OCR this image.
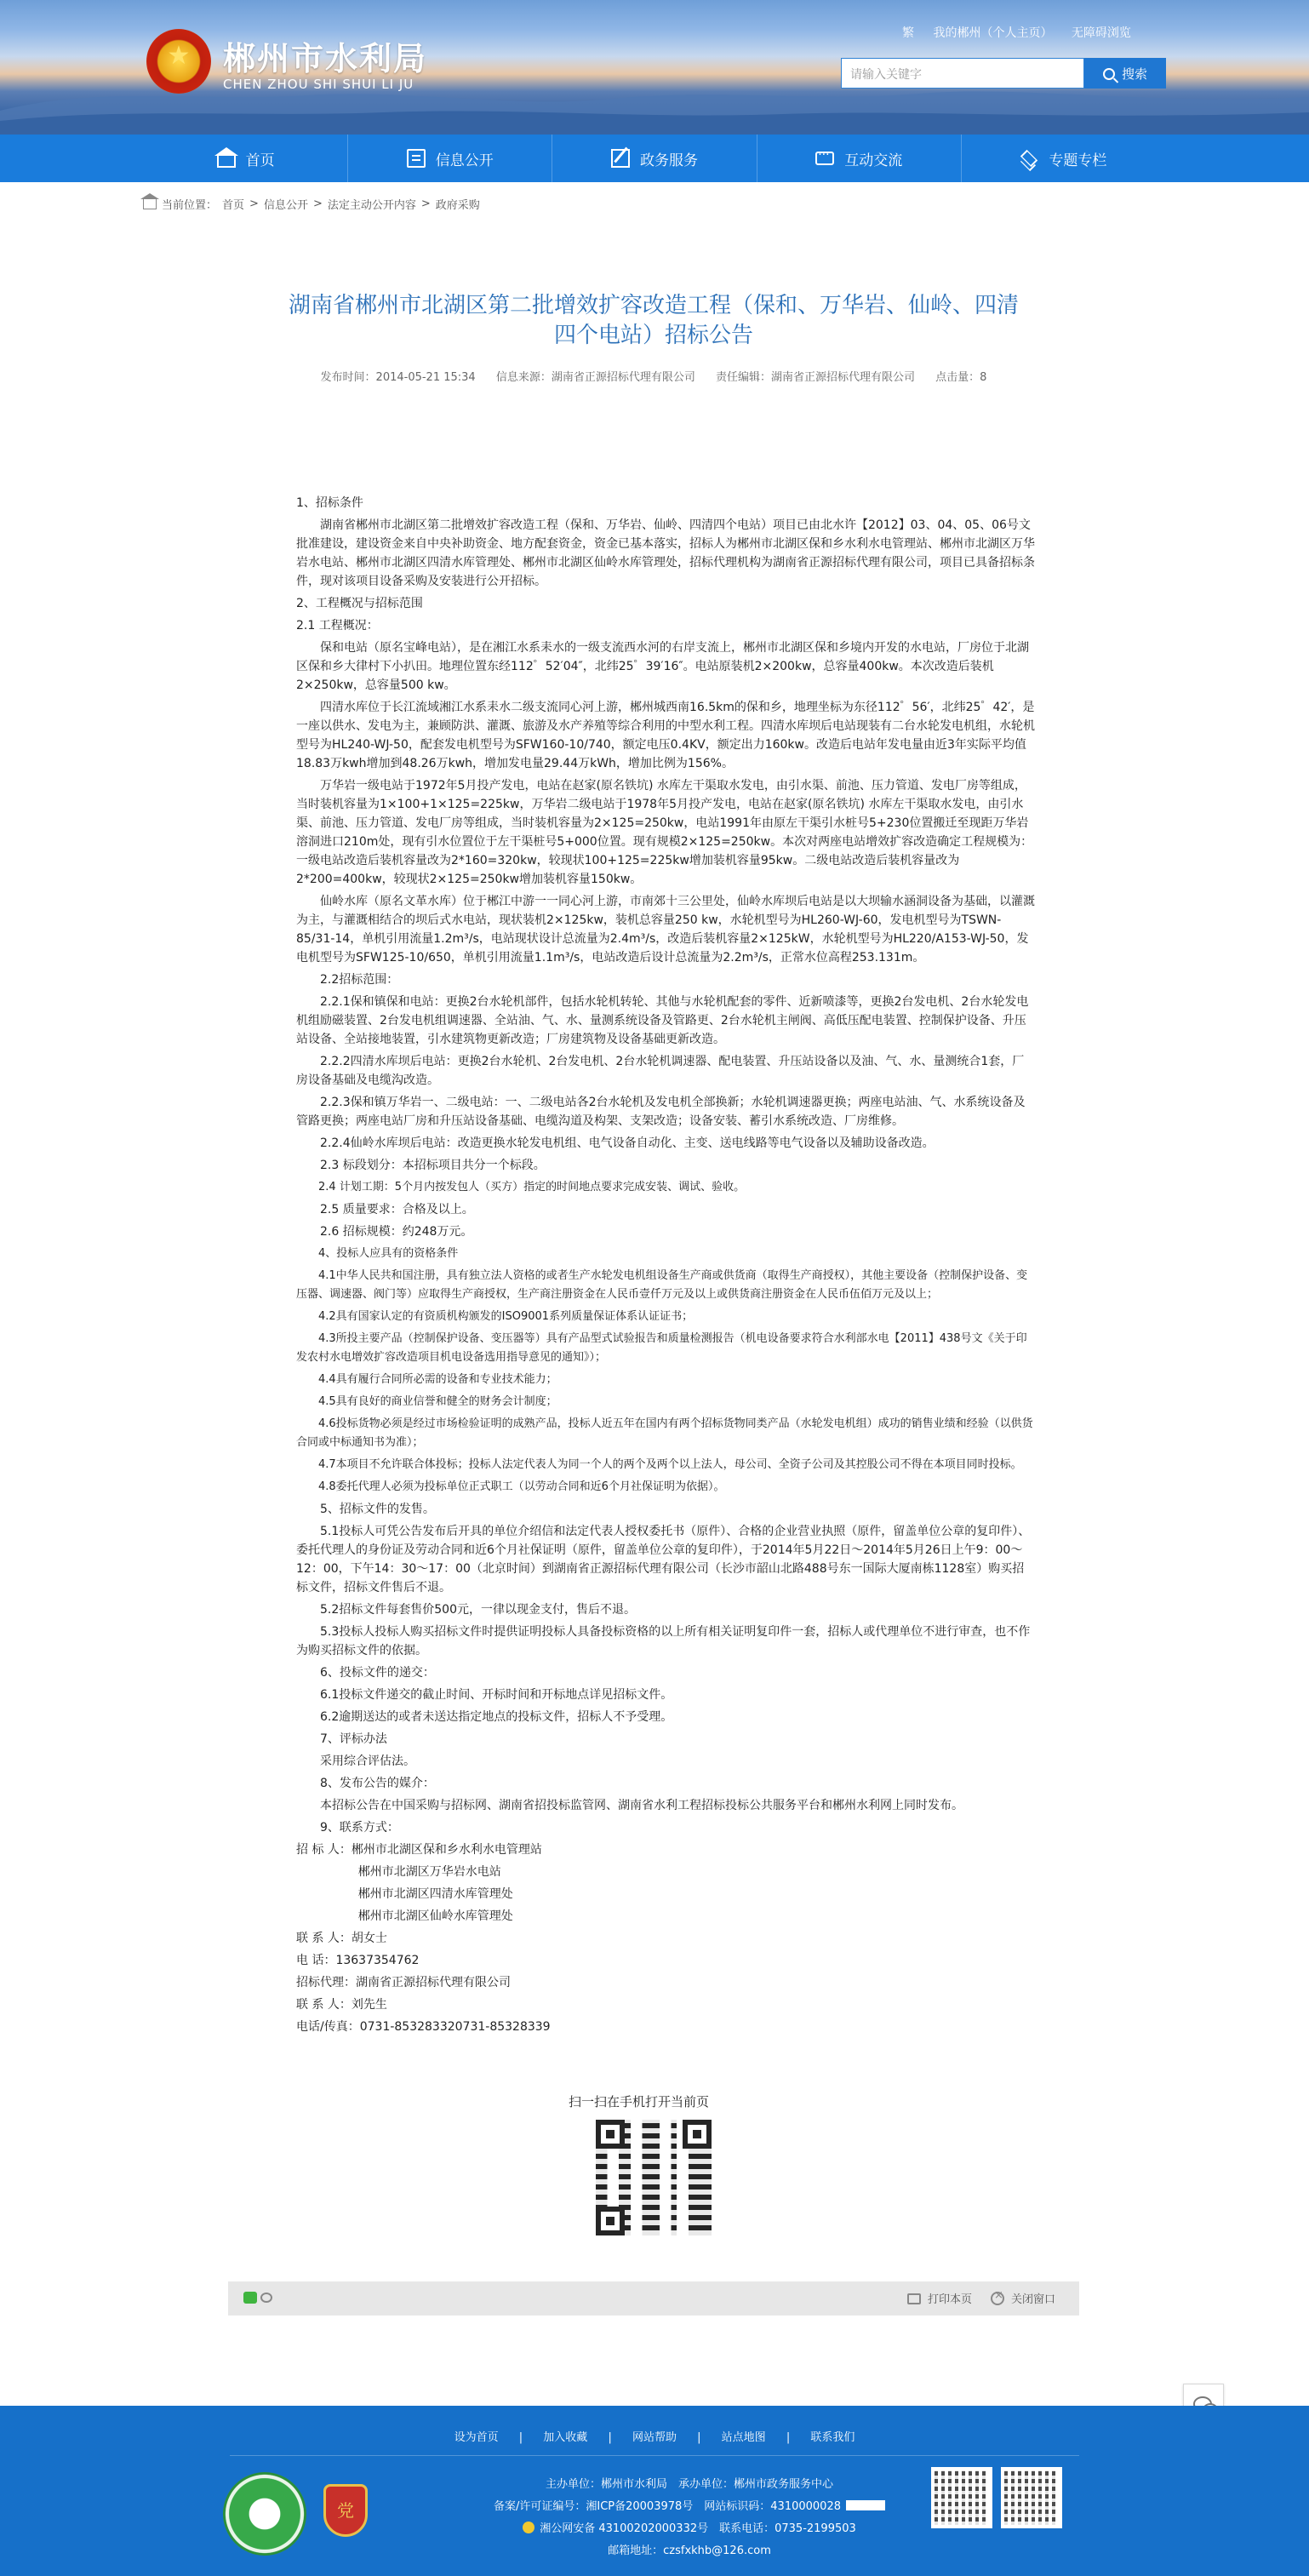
★
郴州市水利局
CHEN ZHOU SHI SHUI LI JU
繁 我的郴州（个人主页） 无障碍浏览
请输入关键字	搜索
首页	信息公开	政务服务 ···	互动交流	专题专栏
当前位置： 首页 > 信息公开 > 法定主动公开内容 > 政府采购
湖南省郴州市北湖区第二批增效扩容改造工程（保和、万华岩、仙岭、四清
四个电站）招标公告
发布时间：2014-05-21 15:34 信息来源：湖南省正源招标代理有限公司 责任编辑：湖南省正源招标代理有限公司 点击量：8

1、招标条件

湖南省郴州市北湖区第二批增效扩容改造工程（保和、万华岩、仙岭、四清四个电站）项目已由北水许【2012】03、04、05、06号文批准建设，建设资金来自中央补助资金、地方配套资金，资金已基本落实，招标人为郴州市北湖区保和乡水利水电管理站、郴州市北湖区万华岩水电站、郴州市北湖区四清水库管理处、郴州市北湖区仙岭水库管理处，招标代理机构为湖南省正源招标代理有限公司，项目已具备招标条件，现对该项目设备采购及安装进行公开招标。

2、工程概况与招标范围

2.1 工程概况：

保和电站（原名宝峰电站），是在湘江水系耒水的一级支流西水河的右岸支流上，郴州市北湖区保和乡境内开发的水电站，厂房位于北湖区保和乡大律村下小扒田。地理位置东经112゜52′04″，北纬25゜39′16″。电站原装机2×200kw，总容量400kw。本次改造后装机2×250kw，总容量500 kw。

四清水库位于长江流域湘江水系耒水二级支流同心河上游，郴州城西南16.5km的保和乡，地理坐标为东径112゜56′，北纬25゜42′，是一座以供水、发电为主，兼顾防洪、灌溉、旅游及水产养殖等综合利用的中型水利工程。四清水库坝后电站现装有二台水轮发电机组，水轮机型号为HL240-WJ-50，配套发电机型号为SFW160-10/740，额定电压0.4KV，额定出力160kw。改造后电站年发电量由近3年实际平均值18.83万kwh增加到48.26万kwh，增加发电量29.44万kWh，增加比例为156%。

万华岩一级电站于1972年5月投产发电，电站在赵家(原名铁坑) 水库左干渠取水发电，由引水渠、前池、压力管道、发电厂房等组成，当时装机容量为1×100+1×125=225kw，万华岩二级电站于1978年5月投产发电，电站在赵家(原名铁坑) 水库左干渠取水发电，由引水渠、前池、压力管道、发电厂房等组成，当时装机容量为2×125=250kw，电站1991年由原左干渠引水桩号5+230位置搬迁至现距万华岩溶洞进口210m处，现有引水位置位于左干渠桩号5+000位置。现有规模2×125=250kw。本次对两座电站增效扩容改造确定工程规模为：一级电站改造后装机容量改为2*160=320kw，较现状100+125=225kw增加装机容量95kw。二级电站改造后装机容量改为2*200=400kw，较现状2×125=250kw增加装机容量150kw。

仙岭水库（原名文革水库）位于郴江中游一一同心河上游，市南郊十三公里处，仙岭水库坝后电站是以大坝输水涵洞设备为基础，以灌溉为主，与灌溉相结合的坝后式水电站，现状装机2×125kw，装机总容量250 kw，水轮机型号为HL260-WJ-60，发电机型号为TSWN-85/31-14，单机引用流量1.2m³/s，电站现状设计总流量为2.4m³/s，改造后装机容量2×125kW，水轮机型号为HL220/A153-WJ-50，发电机型号为SFW125-10/650，单机引用流量1.1m³/s，电站改造后设计总流量为2.2m³/s，正常水位高程253.131m。

2.2招标范围：

2.2.1保和镇保和电站：更换2台水轮机部件，包括水轮机转轮、其他与水轮机配套的零件、近新喷漆等，更换2台发电机、2台水轮发电机组励磁装置、2台发电机组调速器、全站油、气、水、量测系统设备及管路更、2台水轮机主闸阀、高低压配电装置、控制保护设备、升压站设备、全站接地装置，引水建筑物更新改造；厂房建筑物及设备基础更新改造。

2.2.2四清水库坝后电站：更换2台水轮机、2台发电机、2台水轮机调速器、配电装置、升压站设备以及油、气、水、量测统合1套，厂房设备基础及电缆沟改造。

2.2.3保和镇万华岩一、二级电站：一、二级电站各2台水轮机及发电机全部换新；水轮机调速器更换；两座电站油、气、水系统设备及管路更换；两座电站厂房和升压站设备基础、电缆沟道及构架、支架改造；设备安装、蓄引水系统改造、厂房维修。

2.2.4仙岭水库坝后电站：改造更换水轮发电机组、电气设备自动化、主变、送电线路等电气设备以及辅助设备改造。

2.3 标段划分：本招标项目共分一个标段。

2.4 计划工期：5个月内按发包人（买方）指定的时间地点要求完成安装、调试、验收。

2.5 质量要求：合格及以上。

2.6 招标规模：约248万元。

4、投标人应具有的资格条件

4.1中华人民共和国注册，具有独立法人资格的或者生产水轮发电机组设备生产商或供货商（取得生产商授权），其他主要设备（控制保护设备、变压器、调速器、阀门等）应取得生产商授权，生产商注册资金在人民币壹仟万元及以上或供货商注册资金在人民币伍佰万元及以上；

4.2具有国家认定的有资质机构颁发的ISO9001系列质量保证体系认证证书；

4.3所投主要产品（控制保护设备、变压器等）具有产品型式试验报告和质量检测报告（机电设备要求符合水利部水电【2011】438号文《关于印发农村水电增效扩容改造项目机电设备选用指导意见的通知》）；

4.4具有履行合同所必需的设备和专业技术能力；

4.5具有良好的商业信誉和健全的财务会计制度；

4.6投标货物必须是经过市场检验证明的成熟产品，投标人近五年在国内有两个招标货物同类产品（水轮发电机组）成功的销售业绩和经验（以供货合同或中标通知书为准）；

4.7本项目不允许联合体投标；投标人法定代表人为同一个人的两个及两个以上法人，母公司、全资子公司及其控股公司不得在本项目同时投标。

4.8委托代理人必须为投标单位正式职工（以劳动合同和近6个月社保证明为依据）。

5、招标文件的发售。

5.1投标人可凭公告发布后开具的单位介绍信和法定代表人授权委托书（原件）、合格的企业营业执照（原件，留盖单位公章的复印件）、委托代理人的身份证及劳动合同和近6个月社保证明（原件，留盖单位公章的复印件），于2014年5月22日～2014年5月26日上午9：00～12：00，下午14：30～17：00（北京时间）到湖南省正源招标代理有限公司（长沙市韶山北路488号东一国际大厦南栋1128室）购买招标文件，招标文件售后不退。

5.2招标文件每套售价500元，一律以现金支付，售后不退。

5.3投标人投标人购买招标文件时提供证明投标人具备投标资格的以上所有相关证明复印件一套，招标人或代理单位不进行审查，也不作为购买招标文件的依据。

6、投标文件的递交：

6.1投标文件递交的截止时间、开标时间和开标地点详见招标文件。

6.2逾期送达的或者未送达指定地点的投标文件，招标人不予受理。

7、评标办法

采用综合评估法。

8、发布公告的媒介：

本招标公告在中国采购与招标网、湖南省招投标监管网、湖南省水利工程招标投标公共服务平台和郴州水利网上同时发布。

9、联系方式：

招 标 人：郴州市北湖区保和乡水利水电管理站

郴州市北湖区万华岩水电站

郴州市北湖区四清水库管理处

郴州市北湖区仙岭水库管理处

联 系 人：胡女士

电 话：13637354762

招标代理：湖南省正源招标代理有限公司

联 系 人：刘先生

电话/传真：0731-853283320731-85328339

扫一扫在手机打开当前页
打印本页 ×	关闭窗口
• • •
设为首页 | 加入收藏 | 网站帮助 | 站点地图 | 联系我们
党

主办单位：郴州市水利局　承办单位：郴州市政务服务中心

备案/许可证编号：湘ICP备20003978号　网站标识码：4310000028

湘公网安备 43100202000332号　联系电话：0735-2199503

邮箱地址：czsfxkhb@126.com
